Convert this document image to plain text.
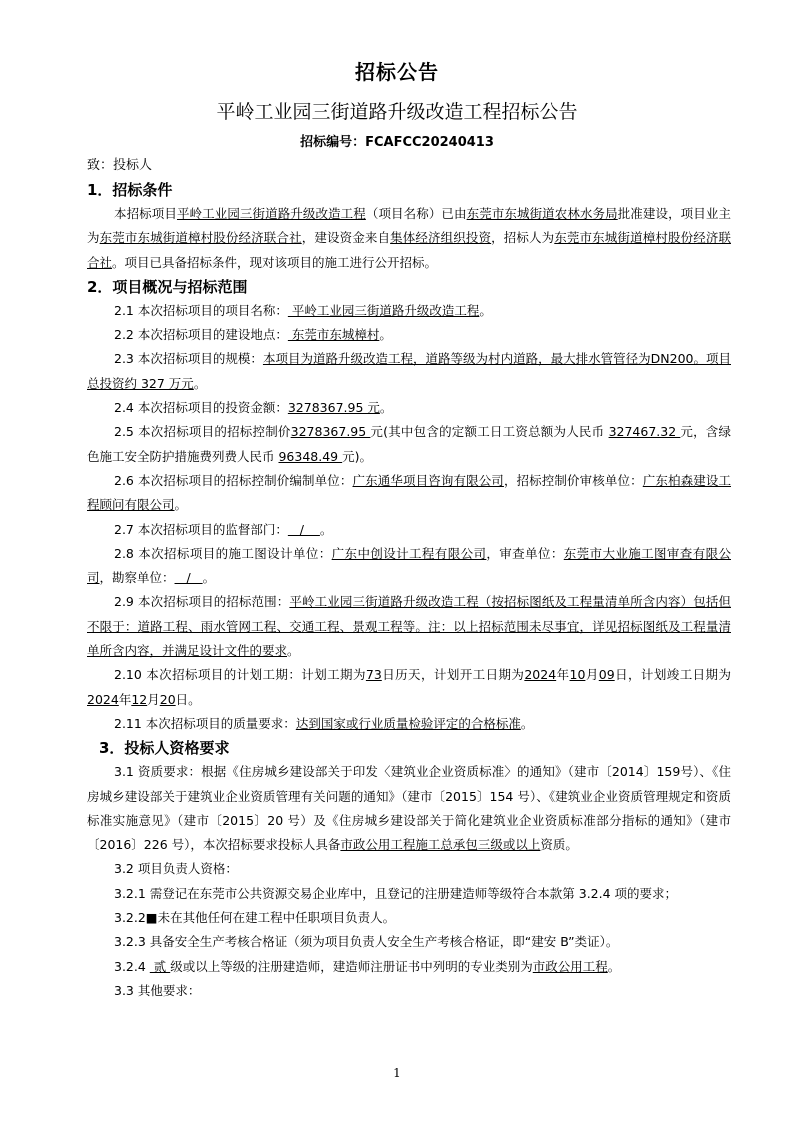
招标公告
平岭工业园三街道路升级改造工程招标公告
招标编号：FCAFCC20240413
致：投标人
1．招标条件

本招标项目平岭工业园三街道路升级改造工程（项目名称）已由东莞市东城街道农林水务局批准建设，项目业主为东莞市东城街道樟村股份经济联合社，建设资金来自集体经济组织投资，招标人为东莞市东城街道樟村股份经济联合社。项目已具备招标条件，现对该项目的施工进行公开招标。

2．项目概况与招标范围

2.1 本次招标项目的项目名称： 平岭工业园三街道路升级改造工程。

2.2 本次招标项目的建设地点： 东莞市东城樟村。

2.3 本次招标项目的规模：本项目为道路升级改造工程，道路等级为村内道路，最大排水管管径为DN200。项目总投资约 327 万元。

2.4 本次招标项目的投资金额：3278367.95 元。

2.5 本次招标项目的招标控制价3278367.95 元(其中包含的定额工日工资总额为人民币 327467.32 元，含绿色施工安全防护措施费列费人民币 96348.49 元)。

2.6 本次招标项目的招标控制价编制单位：广东通华项目咨询有限公司，招标控制价审核单位：广东柏森建设工程顾问有限公司。

2.7 本次招标项目的监督部门：   /    。

2.8 本次招标项目的施工图设计单位：广东中创设计工程有限公司，审查单位：东莞市大业施工图审查有限公司，勘察单位：   /   。

2.9 本次招标项目的招标范围：平岭工业园三街道路升级改造工程（按招标图纸及工程量清单所含内容）包括但不限于：道路工程、雨水管网工程、交通工程、景观工程等。注：以上招标范围未尽事宜，详见招标图纸及工程量清单所含内容，并满足设计文件的要求。

2.10 本次招标项目的计划工期：计划工期为73日历天，计划开工日期为2024年10月09日，计划竣工日期为2024年12月20日。

2.11 本次招标项目的质量要求：达到国家或行业质量检验评定的合格标准。

3．投标人资格要求

3.1 资质要求：根据《住房城乡建设部关于印发〈建筑业企业资质标准〉的通知》（建市〔2014〕159号）、《住房城乡建设部关于建筑业企业资质管理有关问题的通知》（建市〔2015〕154 号）、《建筑业企业资质管理规定和资质标准实施意见》（建市〔2015〕20 号）及《住房城乡建设部关于简化建筑业企业资质标准部分指标的通知》（建市〔2016〕226 号），本次招标要求投标人具备市政公用工程施工总承包三级或以上资质。

3.2 项目负责人资格：

3.2.1 需登记在东莞市公共资源交易企业库中，且登记的注册建造师等级符合本款第 3.2.4 项的要求；

3.2.2■未在其他任何在建工程中任职项目负责人。

3.2.3 具备安全生产考核合格证（须为项目负责人安全生产考核合格证，即“建安 B”类证）。

3.2.4  贰 级或以上等级的注册建造师，建造师注册证书中列明的专业类别为市政公用工程。

3.3 其他要求：

1
